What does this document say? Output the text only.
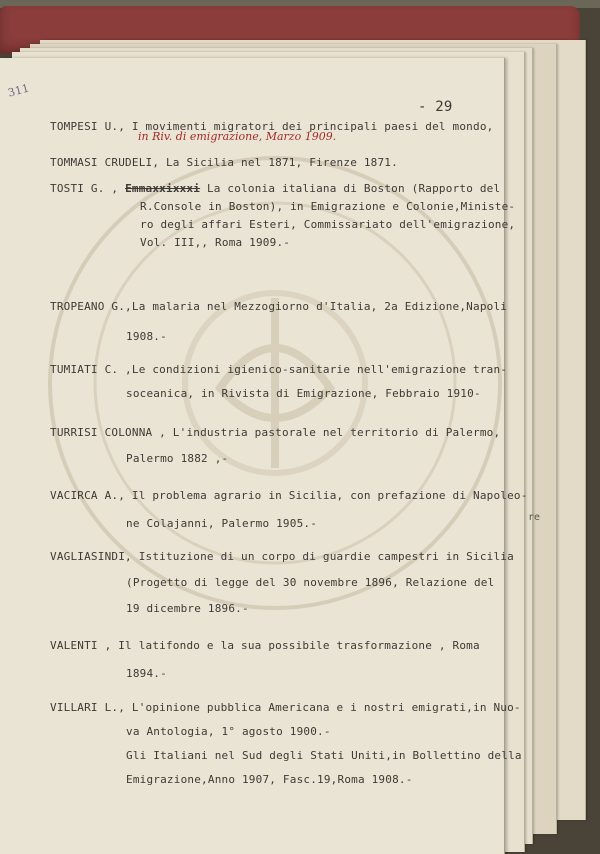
re
311
- 29
TOMPESI U., I movimenti migratori dei principali paesi del mondo,
in Riv. di emigrazione, Marzo 1909.
TOMMASI CRUDELI, La Sicilia nel 1871, Firenze 1871.
TOSTI G. , Emmaxxixxxi La colonia italiana di Boston (Rapporto del
R.Console in Boston), in Emigrazione e Colonie,Ministe-
ro degli affari Esteri, Commissariato dell'emigrazione,
Vol. III,, Roma 1909.-
TROPEANO G.,La malaria nel Mezzogiorno d'Italia, 2a Edizione,Napoli
1908.-
TUMIATI C. ,Le condizioni igienico-sanitarie nell'emigrazione tran-
soceanica, in Rivista di Emigrazione, Febbraio 1910-
TURRISI COLONNA , L'industria pastorale nel territorio di Palermo,
Palermo 1882 ,-
VACIRCA A., Il problema agrario in Sicilia, con prefazione di Napoleo-
ne Colajanni, Palermo 1905.-
VAGLIASINDI, Istituzione di un corpo di guardie campestri in Sicilia
(Progetto di legge del 30 novembre 1896, Relazione del
19 dicembre 1896.-
VALENTI , Il latifondo e la sua possibile trasformazione , Roma
1894.-
VILLARI L., L'opinione pubblica Americana e i nostri emigrati,in Nuo-
va Antologia, 1° agosto 1900.-
Gli Italiani nel Sud degli Stati Uniti,in Bollettino della
Emigrazione,Anno 1907, Fasc.19,Roma 1908.-
